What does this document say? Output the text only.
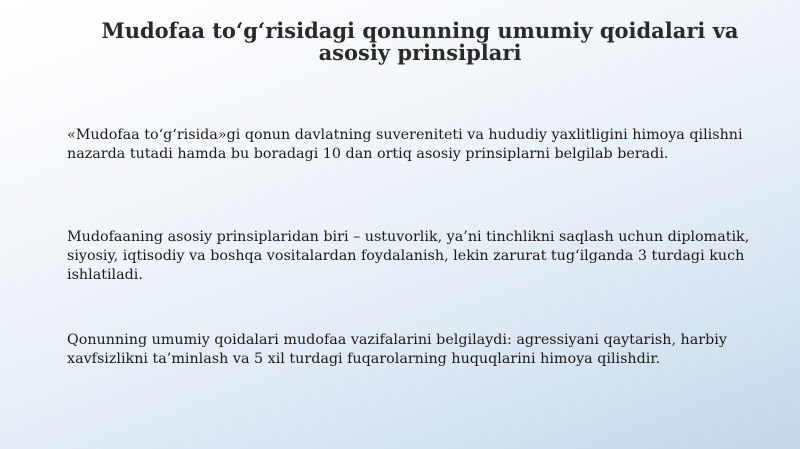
Mudofaa to‘g‘risidagi qonunning umumiy qoidalari va asosiy prinsiplari

«Mudofaa to‘g‘risida»gi qonun davlatning suvereniteti va hududiy yaxlitligini himoya qilishni nazarda tutadi hamda bu boradagi 10 dan ortiq asosiy prinsiplarni belgilab beradi.

Mudofaaning asosiy prinsiplaridan biri – ustuvorlik, ya’ni tinchlikni saqlash uchun diplomatik, siyosiy, iqtisodiy va boshqa vositalardan foydalanish, lekin zarurat tug‘ilganda 3 turdagi kuch ishlatiladi.

Qonunning umumiy qoidalari mudofaa vazifalarini belgilaydi: agressiyani qaytarish, harbiy xavfsizlikni ta’minlash va 5 xil turdagi fuqarolarning huquqlarini himoya qilishdir.
